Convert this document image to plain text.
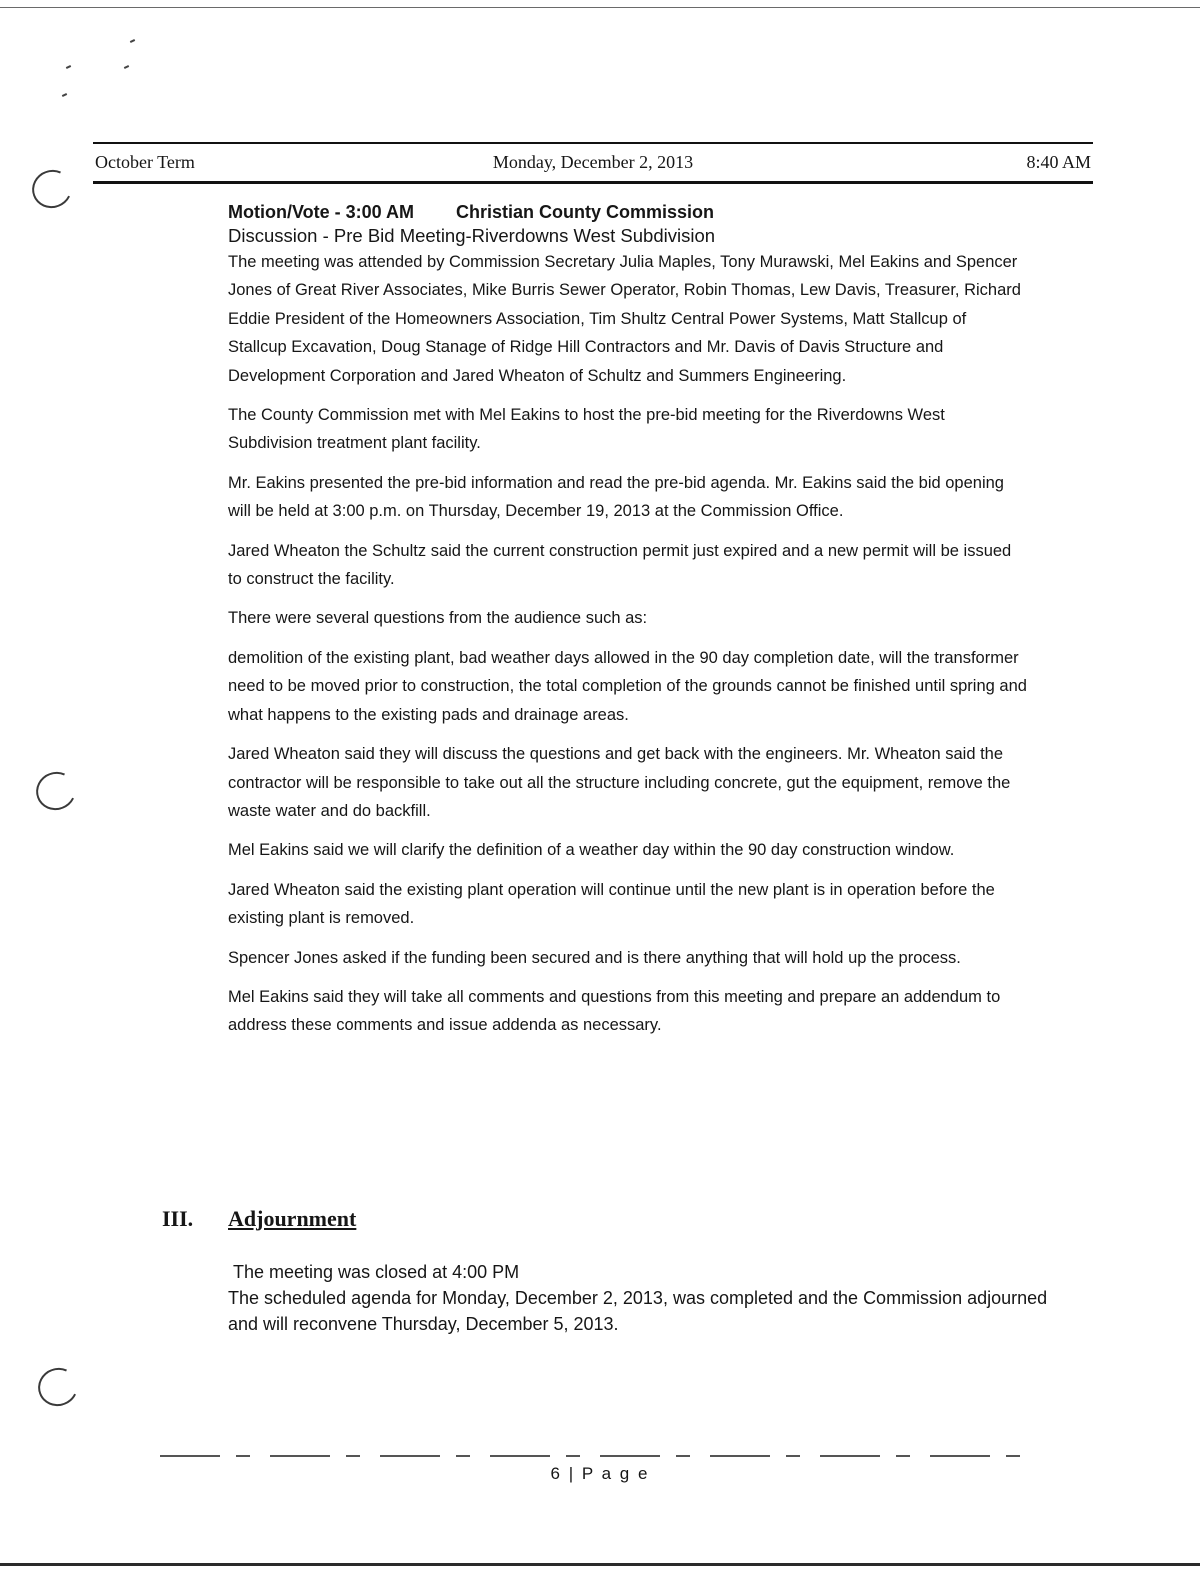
October Term	Monday, December 2, 2013	8:40 AM
Motion/Vote - 3:00 AM Christian County Commission
Discussion - Pre Bid Meeting-Riverdowns West Subdivision

The meeting was attended by Commission Secretary Julia Maples, Tony Murawski, Mel Eakins and Spencer Jones of Great River Associates, Mike Burris Sewer Operator, Robin Thomas, Lew Davis, Treasurer, Richard Eddie President of the Homeowners Association, Tim Shultz Central Power Systems, Matt Stallcup of Stallcup Excavation, Doug Stanage of Ridge Hill Contractors and Mr. Davis of Davis Structure and Development Corporation and Jared Wheaton of Schultz and Summers Engineering.

The County Commission met with Mel Eakins to host the pre-bid meeting for the Riverdowns West Subdivision treatment plant facility.

Mr. Eakins presented the pre-bid information and read the pre-bid agenda. Mr. Eakins said the bid opening will be held at 3:00 p.m. on Thursday, December 19, 2013 at the Commission Office.

Jared Wheaton the Schultz said the current construction permit just expired and a new permit will be issued to construct the facility.

There were several questions from the audience such as:

demolition of the existing plant, bad weather days allowed in the 90 day completion date, will the transformer need to be moved prior to construction, the total completion of the grounds cannot be finished until spring and what happens to the existing pads and drainage areas.

Jared Wheaton said they will discuss the questions and get back with the engineers. Mr. Wheaton said the contractor will be responsible to take out all the structure including concrete, gut the equipment, remove the waste water and do backfill.

Mel Eakins said we will clarify the definition of a weather day within the 90 day construction window.

Jared Wheaton said the existing plant operation will continue until the new plant is in operation before the existing plant is removed.

Spencer Jones asked if the funding been secured and is there anything that will hold up the process.

Mel Eakins said they will take all comments and questions from this meeting and prepare an addendum to address these comments and issue addenda as necessary.

III. Adjournment
The meeting was closed at 4:00 PM
The scheduled agenda for Monday, December 2, 2013, was completed and the Commission adjourned and will reconvene Thursday, December 5, 2013.
6 | P a g e
